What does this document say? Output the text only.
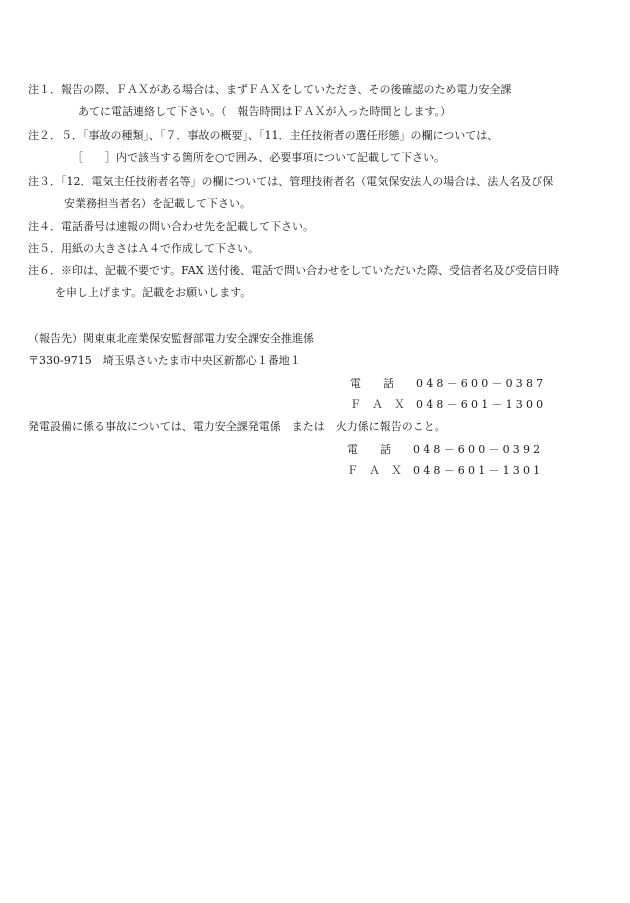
注１．報告の際、ＦＡＸがある場合は、まずＦＡＸをしていただき、その後確認のため電力安全課
あてに電話連絡して下さい。（　報告時間はＦＡＸが入った時間とします。）
注２．５．「事故の種類」、「７．事故の概要」、「11．主任技術者の選任形態」の欄については、
［　　］内で該当する箇所を○で囲み、必要事項について記載して下さい。
注３．「12．電気主任技術者名等」の欄については、管理技術者名（電気保安法人の場合は、法人名及び保
安業務担当者名）を記載して下さい。
注４．電話番号は速報の問い合わせ先を記載して下さい。
注５．用紙の大きさはＡ４で作成して下さい。
注６．※印は、記載不要です。FAX 送付後、電話で問い合わせをしていただいた際、受信者名及び受信日時
を申し上げます。記載をお願いします。
（報告先）関東東北産業保安監督部電力安全課安全推進係
〒330-9715　埼玉県さいたま市中央区新都心１番地１
電　　話	048－600－0387
Ｆ　Ａ　Ｘ	048－601－1300
発電設備に係る事故については、電力安全課発電係　または　火力係に報告のこと。
電　　話	048－600－0392
Ｆ　Ａ　Ｘ	048－601－1301
